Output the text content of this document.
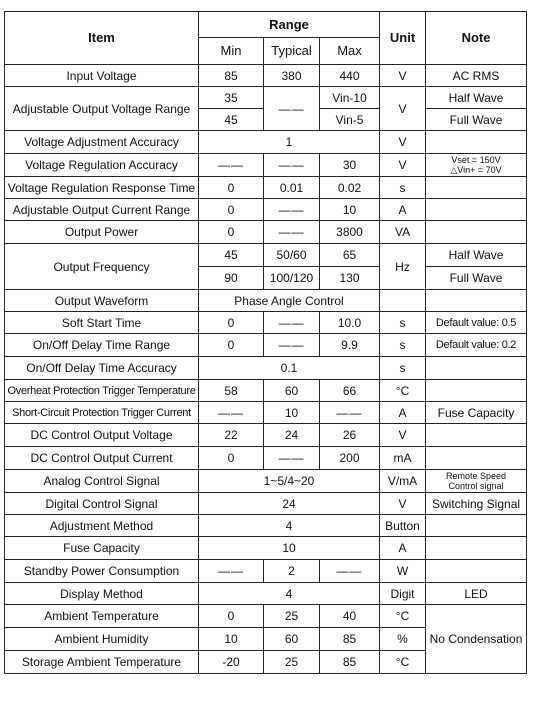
Item	Range			Unit	Note
	Min	Typical	Max		
Input Voltage	85	380	440	V	AC RMS
Adjustable Output Voltage Range	35	——	Vin-10	V	Half Wave
	45		Vin-5		Full Wave
Voltage Adjustment Accuracy	1			V	
Voltage Regulation Accuracy	——	——	30	V	Vset = 150V
△Vin+ = 70V

Voltage Regulation Response Time	0	0.01	0.02	s	
Adjustable Output Current Range	0	——	10	A	
Output Power	0	——	3800	VA	
Output Frequency	45	50/60	65	Hz	Half Wave
	90	100/120	130		Full Wave
Output Waveform	Phase Angle Control				
Soft Start Time	0	——	10.0	s	Default value: 0.5
On/Off Delay Time Range	0	——	9.9	s	Default value: 0.2
On/Off Delay Time Accuracy	0.1			s	
Overheat Protection Trigger Temperature	58	60	66	°C	
Short-Circuit Protection Trigger Current	——	10	——	A	Fuse Capacity
DC Control Output Voltage	22	24	26	V	
DC Control Output Current	0	——	200	mA	
Analog Control Signal	1~5/4~20			V/mA	Remote Speed
Control signal

Digital Control Signal	24			V	Switching Signal
Adjustment Method	4			Button	
Fuse Capacity	10			A	
Standby Power Consumption	——	2	——	W	
Display Method	4			Digit	LED
Ambient Temperature	0	25	40	°C	No Condensation
Ambient Humidity	10	60	85	%	
Storage Ambient Temperature	-20	25	85	°C	
